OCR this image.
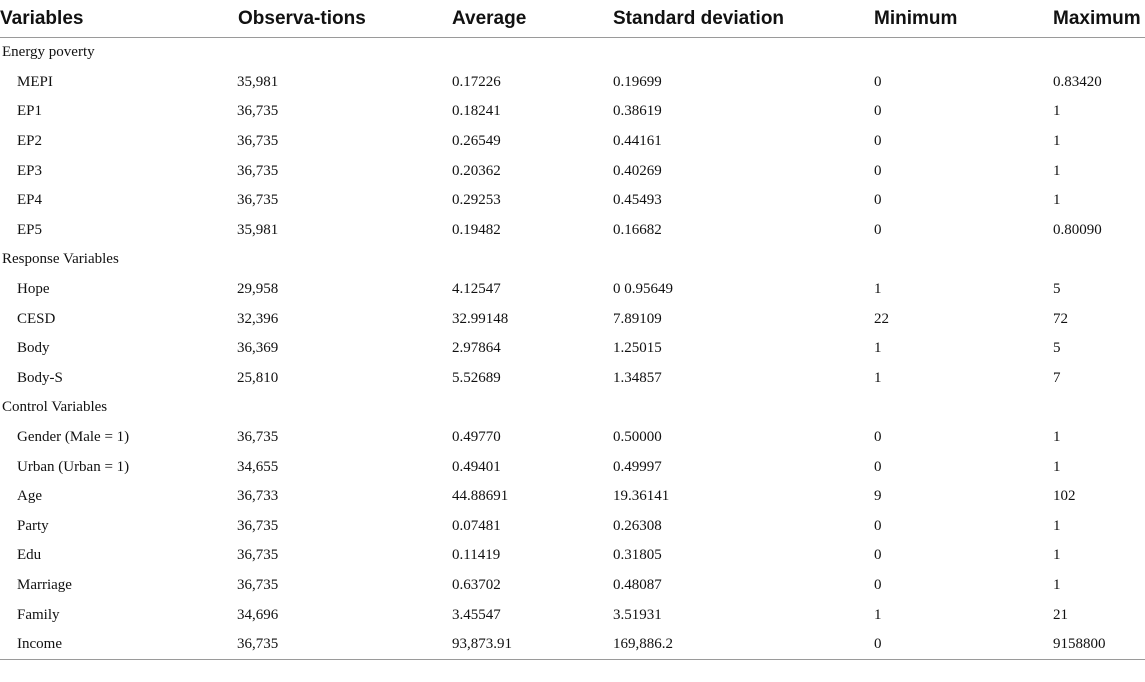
Variables	Observa-tions	Average	Standard deviation	Minimum	Maximum
Energy poverty					
MEPI	35,981	0.17226	0.19699	0	0.83420
EP1	36,735	0.18241	0.38619	0	1
EP2	36,735	0.26549	0.44161	0	1
EP3	36,735	0.20362	0.40269	0	1
EP4	36,735	0.29253	0.45493	0	1
EP5	35,981	0.19482	0.16682	0	0.80090
Response Variables					
Hope	29,958	4.12547	0 0.95649	1	5
CESD	32,396	32.99148	7.89109	22	72
Body	36,369	2.97864	1.25015	1	5
Body-S	25,810	5.52689	1.34857	1	7
Control Variables					
Gender (Male = 1)	36,735	0.49770	0.50000	0	1
Urban (Urban = 1)	34,655	0.49401	0.49997	0	1
Age	36,733	44.88691	19.36141	9	102
Party	36,735	0.07481	0.26308	0	1
Edu	36,735	0.11419	0.31805	0	1
Marriage	36,735	0.63702	0.48087	0	1
Family	34,696	3.45547	3.51931	1	21
Income	36,735	93,873.91	169,886.2	0	9158800
